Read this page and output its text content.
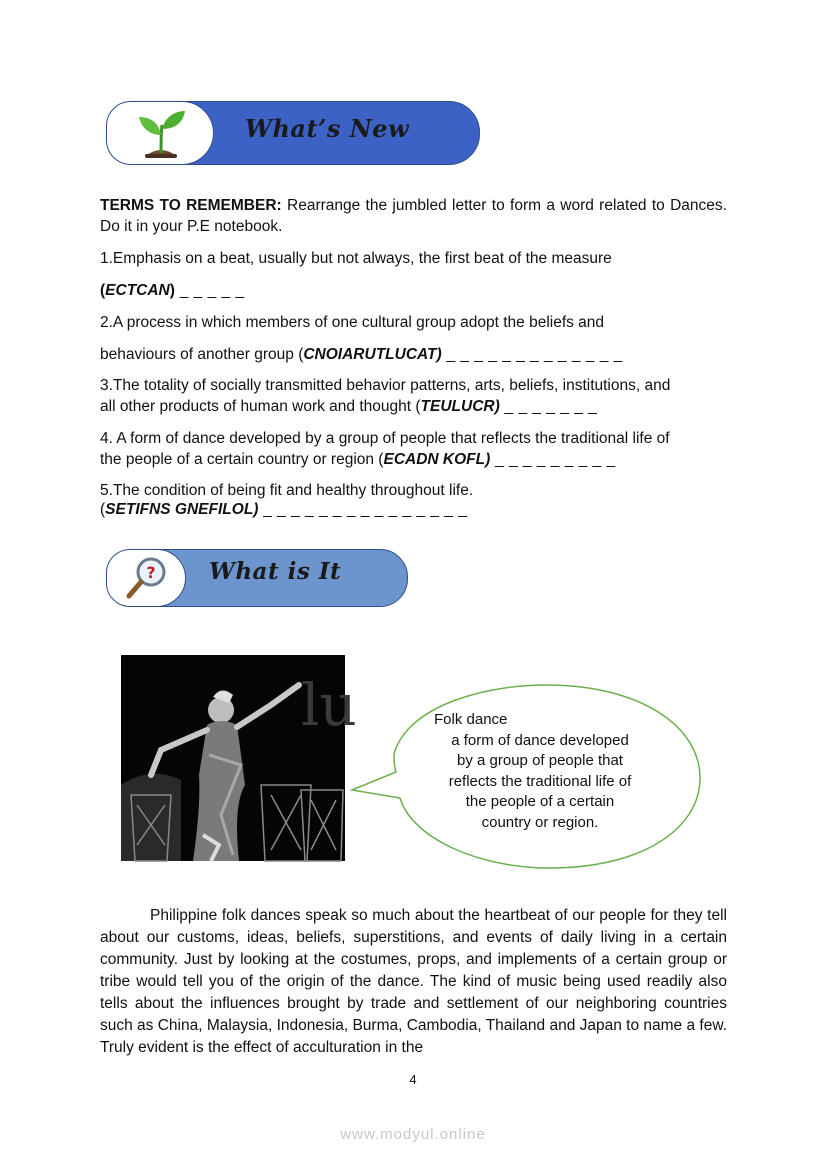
What’s New
TERMS TO REMEMBER: Rearrange the jumbled letter to form a word related to Dances. Do it in your P.E notebook.
1.Emphasis on a beat, usually but not always, the first beat of the measure
(ECTCAN) _ _ _ _ _
2.A process in which members of one cultural group adopt the beliefs and
behaviours of another group (CNOIARUTLUCAT) _ _ _ _ _ _ _ _ _ _ _ _ _
3.The totality of socially transmitted behavior patterns, arts, beliefs, institutions, and
all other products of human work and thought (TEULUCR) _ _ _ _ _ _ _
4. A form of dance developed by a group of people that reflects the traditional life of
the people of a certain country or region (ECADN KOFL) _ _ _ _ _ _ _ _ _
5.The condition of being fit and healthy throughout life.
(SETIFNS GNEFILOL) _ _ _ _ _ _ _ _ _ _ _ _ _ _ _
? What is It
lu	Folk dance
a form of dance developed
by a group of people that
reflects the traditional life of
the people of a certain
country or region.
Philippine folk dances speak so much about the heartbeat of our people for they tell about our customs, ideas, beliefs, superstitions, and events of daily living in a certain community. Just by looking at the costumes, props, and implements of a certain group or tribe would tell you of the origin of the dance. The kind of music being used readily also tells about the influences brought by trade and settlement of our neighboring countries such as China, Malaysia, Indonesia, Burma, Cambodia, Thailand and Japan to name a few. Truly evident is the effect of acculturation in the
4
www.modyul.online
